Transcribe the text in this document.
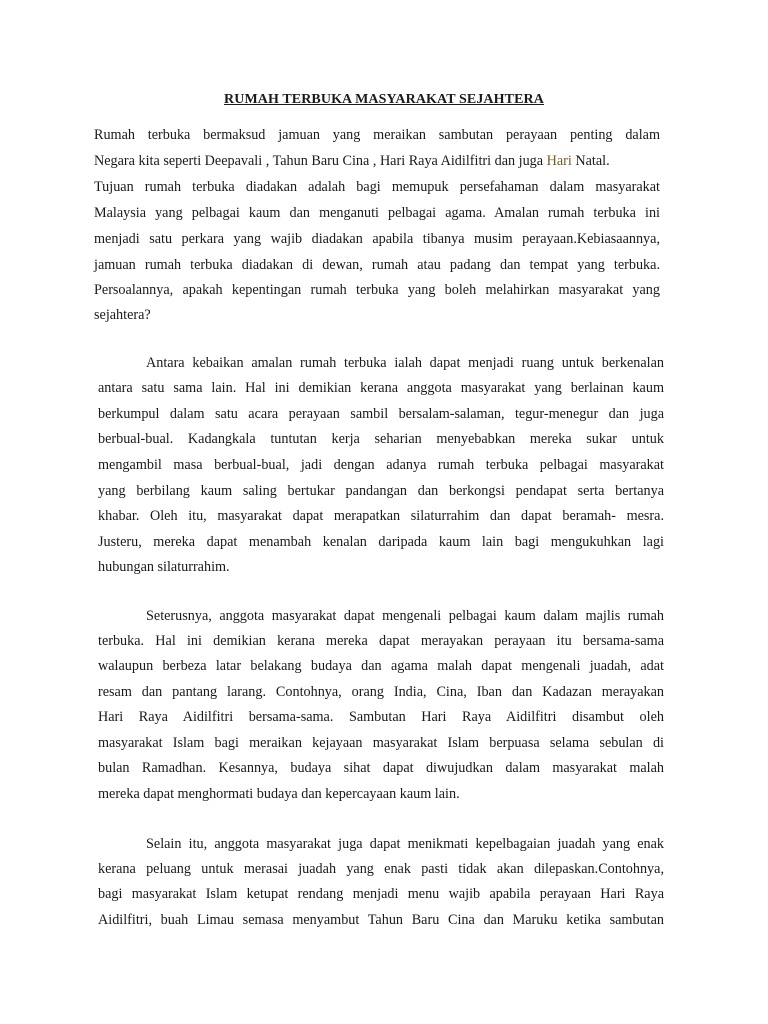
RUMAH TERBUKA MASYARAKAT SEJAHTERA
Rumah terbuka bermaksud jamuan yang meraikan sambutan perayaan penting dalam
Negara kita seperti Deepavali , Tahun Baru Cina , Hari Raya Aidilfitri dan juga Hari Natal.
Tujuan rumah terbuka diadakan adalah bagi memupuk persefahaman dalam masyarakat
Malaysia yang pelbagai kaum dan menganuti pelbagai agama. Amalan rumah terbuka ini
menjadi satu perkara yang wajib diadakan apabila tibanya musim perayaan.Kebiasaannya,
jamuan rumah terbuka diadakan di dewan, rumah atau padang dan tempat yang terbuka.
Persoalannya, apakah kepentingan rumah terbuka yang boleh melahirkan masyarakat yang
sejahtera?
Antara kebaikan amalan rumah terbuka ialah dapat menjadi ruang untuk berkenalan
antara satu sama lain. Hal ini demikian kerana anggota masyarakat yang berlainan kaum
berkumpul dalam satu acara perayaan sambil bersalam-salaman, tegur-menegur dan juga
berbual-bual. Kadangkala tuntutan kerja seharian menyebabkan mereka sukar untuk
mengambil masa berbual-bual, jadi dengan adanya rumah terbuka pelbagai masyarakat
yang berbilang kaum saling bertukar pandangan dan berkongsi pendapat serta bertanya
khabar. Oleh itu, masyarakat dapat merapatkan silaturrahim dan dapat beramah- mesra.
Justeru, mereka dapat menambah kenalan daripada kaum lain bagi mengukuhkan lagi
hubungan silaturrahim.
Seterusnya, anggota masyarakat dapat mengenali pelbagai kaum dalam majlis rumah
terbuka. Hal ini demikian kerana mereka dapat merayakan perayaan itu bersama-sama
walaupun berbeza latar belakang budaya dan agama malah dapat mengenali juadah, adat
resam dan pantang larang. Contohnya, orang India, Cina, Iban dan Kadazan merayakan
Hari Raya Aidilfitri bersama-sama. Sambutan Hari Raya Aidilfitri disambut oleh
masyarakat Islam bagi meraikan kejayaan masyarakat Islam berpuasa selama sebulan di
bulan Ramadhan. Kesannya, budaya sihat dapat diwujudkan dalam masyarakat malah
mereka dapat menghormati budaya dan kepercayaan kaum lain.
Selain itu, anggota masyarakat juga dapat menikmati kepelbagaian juadah yang enak
kerana peluang untuk merasai juadah yang enak pasti tidak akan dilepaskan.Contohnya,
bagi masyarakat Islam ketupat rendang menjadi menu wajib apabila perayaan Hari Raya
Aidilfitri, buah Limau semasa menyambut Tahun Baru Cina dan Maruku ketika sambutan
